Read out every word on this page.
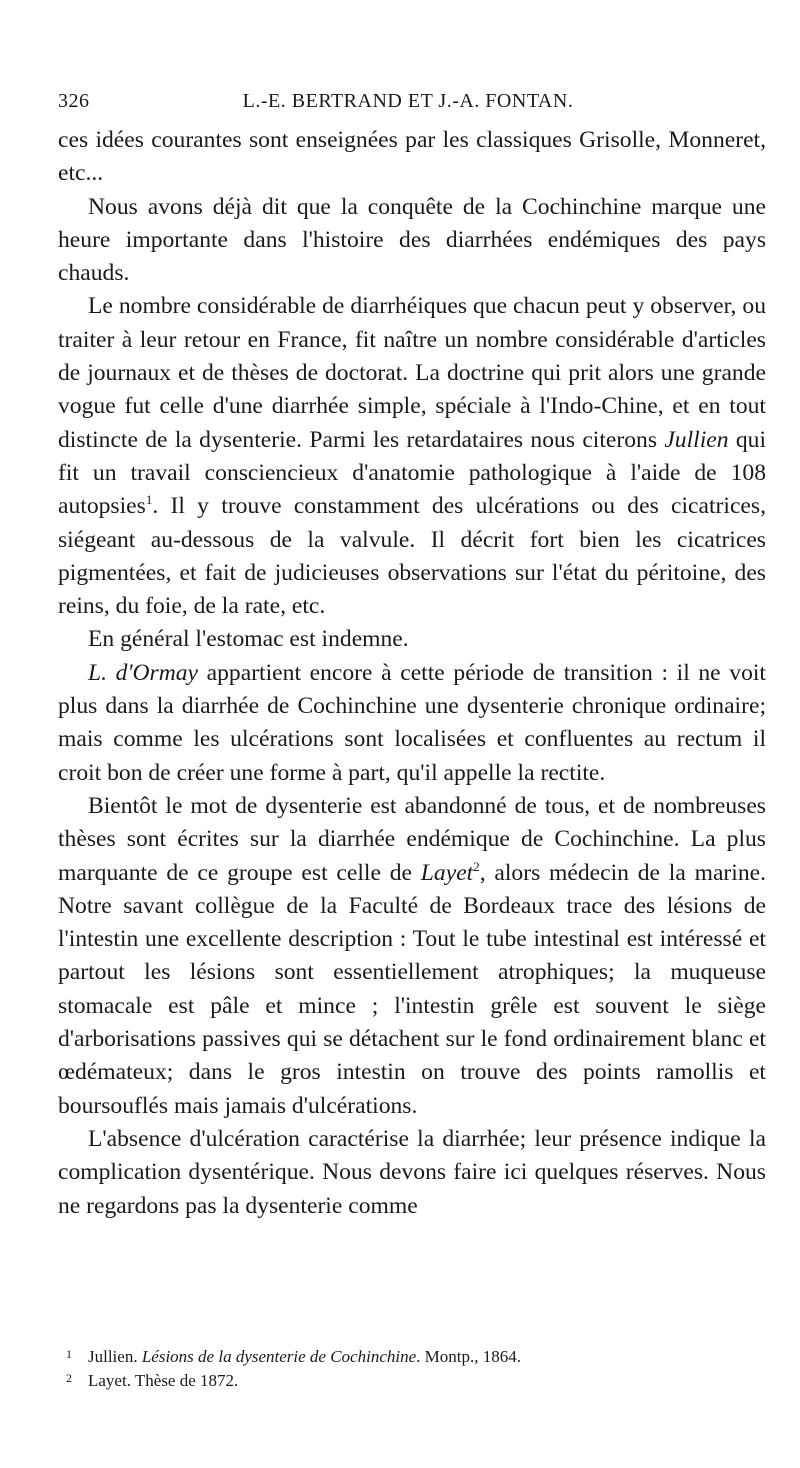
326	L.-E. BERTRAND ET J.-A. FONTAN.

ces idées courantes sont enseignées par les classiques Grisolle, Monneret, etc...

Nous avons déjà dit que la conquête de la Cochinchine marque une heure importante dans l'histoire des diarrhées endémiques des pays chauds.

Le nombre considérable de diarrhéiques que chacun peut y observer, ou traiter à leur retour en France, fit naître un nombre considérable d'articles de journaux et de thèses de doctorat. La doctrine qui prit alors une grande vogue fut celle d'une diarrhée simple, spéciale à l'Indo-Chine, et en tout distincte de la dysenterie. Parmi les retardataires nous citerons Jullien qui fit un travail consciencieux d'anatomie pathologique à l'aide de 108 autopsies$^1$. Il y trouve constamment des ulcérations ou des cicatrices, siégeant au-dessous de la valvule. Il décrit fort bien les cicatrices pigmentées, et fait de judicieuses observations sur l'état du péritoine, des reins, du foie, de la rate, etc.

En général l'estomac est indemne.

L. d'Ormay appartient encore à cette période de transition : il ne voit plus dans la diarrhée de Cochinchine une dysenterie chronique ordinaire; mais comme les ulcérations sont localisées et confluentes au rectum il croit bon de créer une forme à part, qu'il appelle la rectite.

Bientôt le mot de dysenterie est abandonné de tous, et de nombreuses thèses sont écrites sur la diarrhée endémique de Cochinchine. La plus marquante de ce groupe est celle de Layet$^2$, alors médecin de la marine. Notre savant collègue de la Faculté de Bordeaux trace des lésions de l'intestin une excellente description : Tout le tube intestinal est intéressé et partout les lésions sont essentiellement atrophiques; la muqueuse stomacale est pâle et mince ; l'intestin grêle est souvent le siège d'arborisations passives qui se détachent sur le fond ordinairement blanc et œdémateux; dans le gros intestin on trouve des points ramollis et boursouflés mais jamais d'ulcérations.

L'absence d'ulcération caractérise la diarrhée; leur présence indique la complication dysentérique. Nous devons faire ici quelques réserves. Nous ne regardons pas la dysenterie comme

1 Jullien. Lésions de la dysenterie de Cochinchine. Montp., 1864.

2 Layet. Thèse de 1872.
